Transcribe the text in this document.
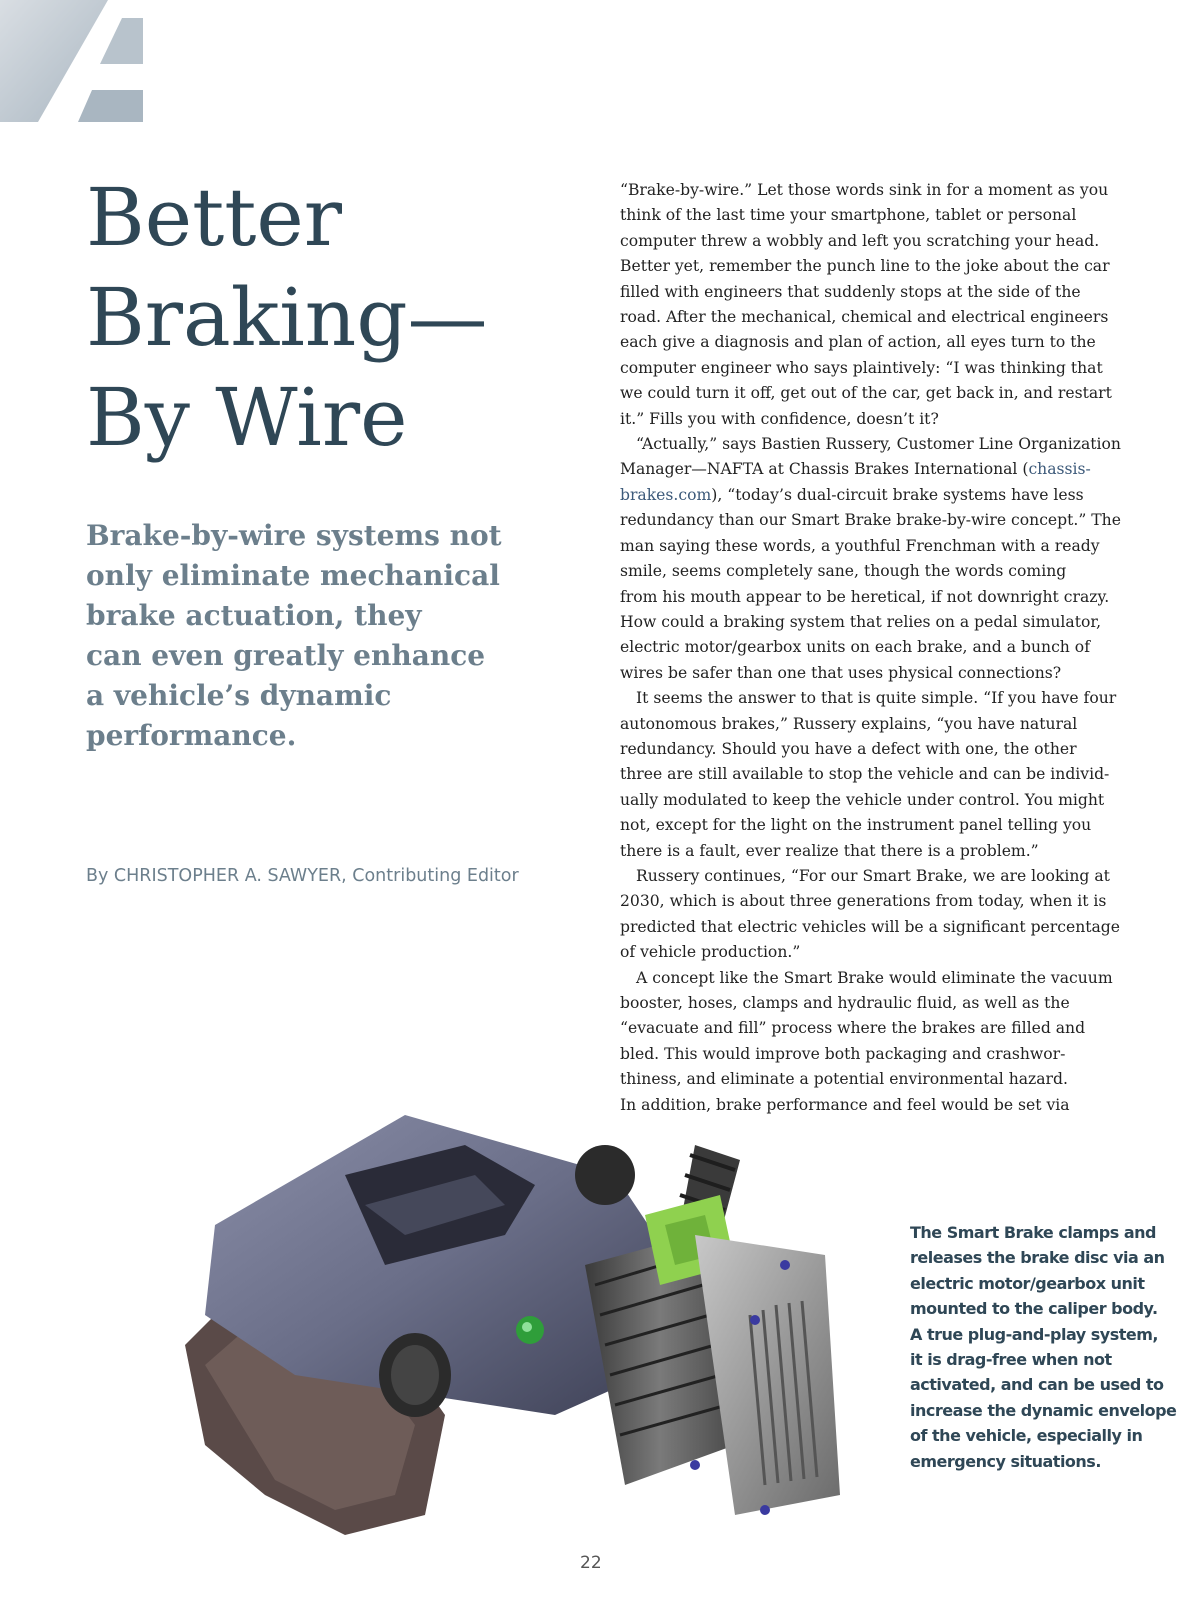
Better
Braking—
By Wire
Brake-by-wire systems not
only eliminate mechanical
brake actuation, they
can even greatly enhance
a vehicle’s dynamic
performance.
By CHRISTOPHER A. SAWYER, Contributing Editor
“Brake-by-wire.” Let those words sink in for a moment as you
think of the last time your smartphone, tablet or personal
computer threw a wobbly and left you scratching your head.
Better yet, remember the punch line to the joke about the car
filled with engineers that suddenly stops at the side of the
road. After the mechanical, chemical and electrical engineers
each give a diagnosis and plan of action, all eyes turn to the
computer engineer who says plaintively: “I was thinking that
we could turn it off, get out of the car, get back in, and restart
it.” Fills you with confidence, doesn’t it?
“Actually,” says Bastien Russery, Customer Line Organization
Manager—NAFTA at Chassis Brakes International (chassis-
brakes.com), “today’s dual-circuit brake systems have less
redundancy than our Smart Brake brake-by-wire concept.” The
man saying these words, a youthful Frenchman with a ready
smile, seems completely sane, though the words coming
from his mouth appear to be heretical, if not downright crazy.
How could a braking system that relies on a pedal simulator,
electric motor/gearbox units on each brake, and a bunch of
wires be safer than one that uses physical connections?
It seems the answer to that is quite simple. “If you have four
autonomous brakes,” Russery explains, “you have natural
redundancy. Should you have a defect with one, the other
three are still available to stop the vehicle and can be individ-
ually modulated to keep the vehicle under control. You might
not, except for the light on the instrument panel telling you
there is a fault, ever realize that there is a problem.”
Russery continues, “For our Smart Brake, we are looking at
2030, which is about three generations from today, when it is
predicted that electric vehicles will be a significant percentage
of vehicle production.”
A concept like the Smart Brake would eliminate the vacuum
booster, hoses, clamps and hydraulic fluid, as well as the
“evacuate and fill” process where the brakes are filled and
bled. This would improve both packaging and crashwor-
thiness, and eliminate a potential environmental hazard.
In addition, brake performance and feel would be set via
The Smart Brake clamps and
releases the brake disc via an
electric motor/gearbox unit
mounted to the caliper body.
A true plug-and-play system,
it is drag-free when not
activated, and can be used to
increase the dynamic envelope
of the vehicle, especially in
emergency situations.
22
